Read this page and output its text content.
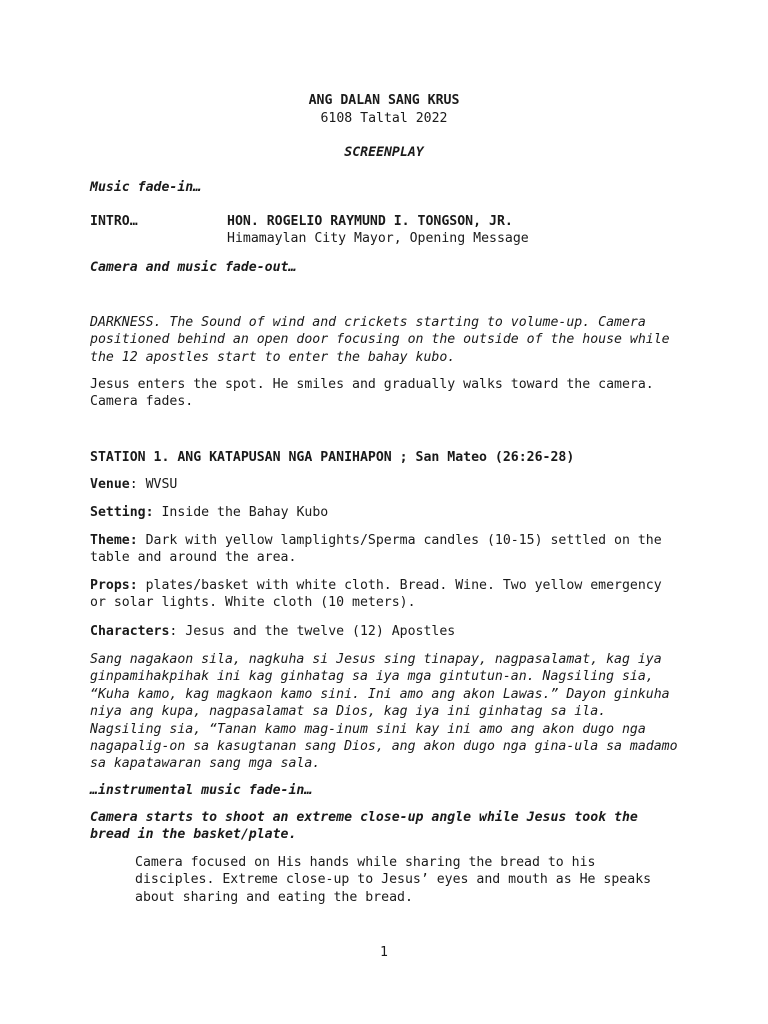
ANG DALAN SANG KRUS
6108 Taltal 2022
SCREENPLAY
Music fade-in…
INTRO…	HON. ROGELIO RAYMUND I. TONGSON, JR.
Himamaylan City Mayor, Opening Message
Camera and music fade-out…
DARKNESS. The Sound of wind and crickets starting to volume-up. Camera positioned behind an open door focusing on the outside of the house while the 12 apostles start to enter the bahay kubo.
Jesus enters the spot. He smiles and gradually walks toward the camera. Camera fades.
STATION 1. ANG KATAPUSAN NGA PANIHAPON ; San Mateo (26:26-28)
Venue: WVSU
Setting: Inside the Bahay Kubo
Theme: Dark with yellow lamplights/Sperma candles (10-15) settled on the table and around the area.
Props: plates/basket with white cloth. Bread. Wine. Two yellow emergency or solar lights. White cloth (10 meters).
Characters: Jesus and the twelve (12) Apostles
Sang nagakaon sila, nagkuha si Jesus sing tinapay, nagpasalamat, kag iya ginpamihakpihak ini kag ginhatag sa iya mga gintutun-an. Nagsiling sia, “Kuha kamo, kag magkaon kamo sini. Ini amo ang akon Lawas.” Dayon ginkuha niya ang kupa, nagpasalamat sa Dios, kag iya ini ginhatag sa ila. Nagsiling sia, “Tanan kamo mag-inum sini kay ini amo ang akon dugo nga nagapalig-on sa kasugtanan sang Dios, ang akon dugo nga gina-ula sa madamo sa kapatawaran sang mga sala.
…instrumental music fade-in…
Camera starts to shoot an extreme close-up angle while Jesus took the bread in the basket/plate.
Camera focused on His hands while sharing the bread to his disciples. Extreme close-up to Jesus’ eyes and mouth as He speaks about sharing and eating the bread.
1
